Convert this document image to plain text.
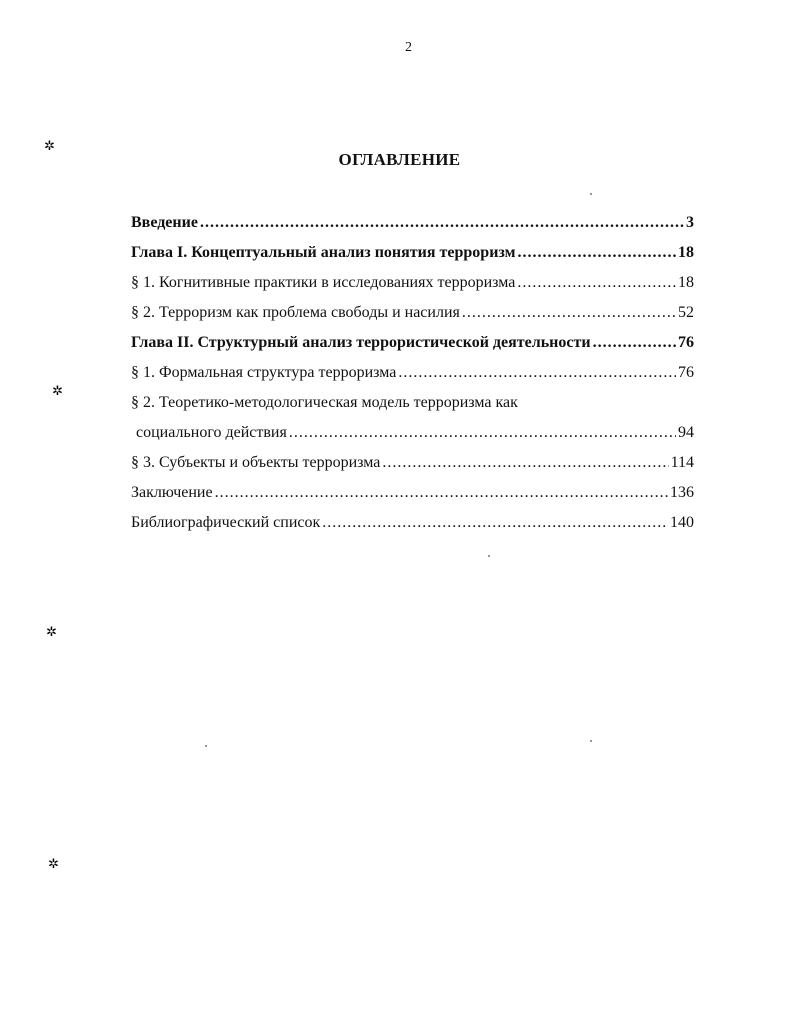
2
✲
✲
✲
✲
ОГЛАВЛЕНИЕ
Введение .....	3
Глава I. Концептуальный анализ понятия терроризм .....	18
§ 1. Когнитивные практики в исследованиях терроризма .....	18
§ 2. Терроризм как проблема свободы и насилия .....	52
Глава II. Структурный анализ террористической деятельности .....	76
§ 1. Формальная структура терроризма .....	76
§ 2. Теоретико-методологическая модель терроризма как
социального действия .....	94
§ 3. Субъекты и объекты терроризма .....	114
Заключение .....	136
Библиографический список .....	140
